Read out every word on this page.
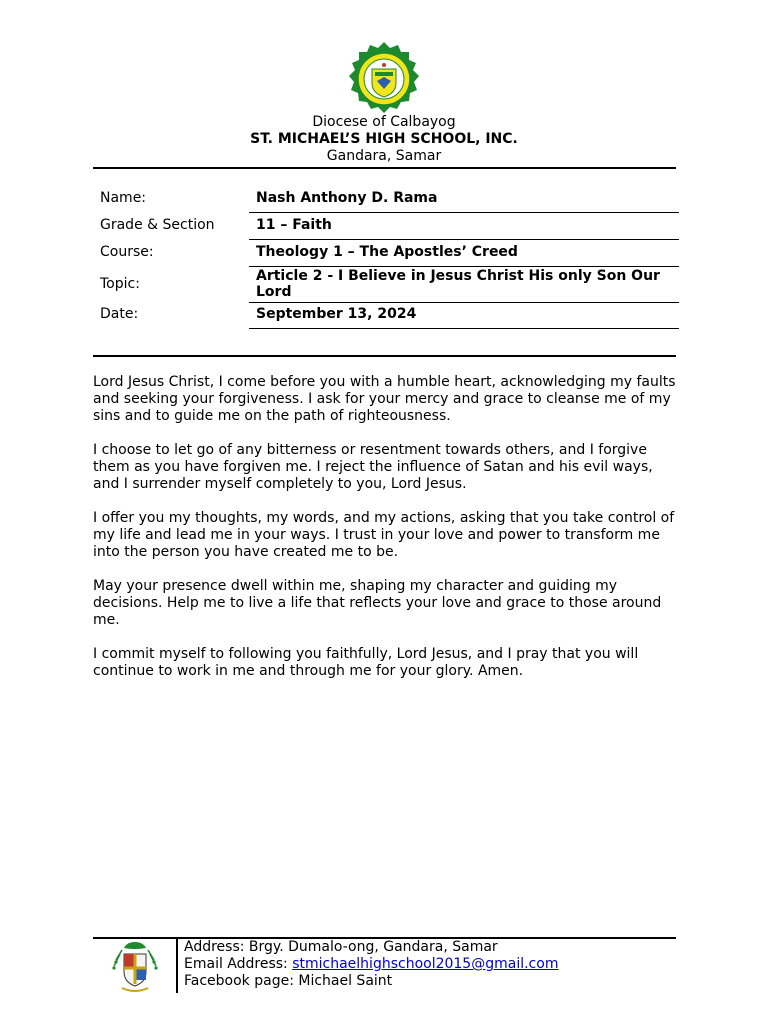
Diocese of Calbayog
ST. MICHAEL’S HIGH SCHOOL, INC.
Gandara, Samar
Name:	Nash Anthony D. Rama
Grade & Section	11 – Faith
Course:	Theology 1 – The Apostles’ Creed
Topic:	Article 2 - I Believe in Jesus Christ His only Son Our Lord
Date:	September 13, 2024

Lord Jesus Christ, I come before you with a humble heart, acknowledging my faults and seeking your forgiveness. I ask for your mercy and grace to cleanse me of my sins and to guide me on the path of righteousness.

I choose to let go of any bitterness or resentment towards others, and I forgive them as you have forgiven me. I reject the influence of Satan and his evil ways, and I surrender myself completely to you, Lord Jesus.

I offer you my thoughts, my words, and my actions, asking that you take control of my life and lead me in your ways. I trust in your love and power to transform me into the person you have created me to be.

May your presence dwell within me, shaping my character and guiding my decisions. Help me to live a life that reflects your love and grace to those around me.

I commit myself to following you faithfully, Lord Jesus, and I pray that you will continue to work in me and through me for your glory. Amen.

Address: Brgy. Dumalo-ong, Gandara, Samar
Email Address: stmichaelhighschool2015@gmail.com
Facebook page: Michael Saint
